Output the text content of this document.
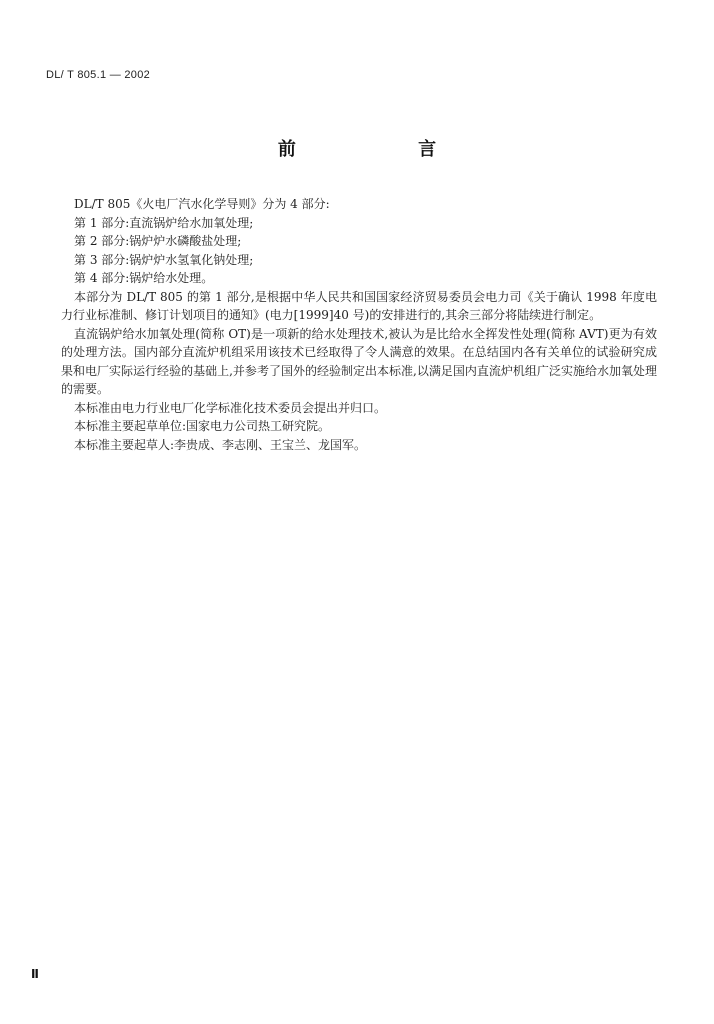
DL/ T 805.1 — 2002
前 言

DL/T 805《火电厂汽水化学导则》分为 4 部分:

第 1 部分:直流锅炉给水加氧处理;

第 2 部分:锅炉炉水磷酸盐处理;

第 3 部分:锅炉炉水氢氧化钠处理;

第 4 部分:锅炉给水处理。

本部分为 DL/T 805 的第 1 部分,是根据中华人民共和国国家经济贸易委员会电力司《关于确认 1998 年度电力行业标准制、修订计划项目的通知》(电力[1999]40 号)的安排进行的,其余三部分将陆续进行制定。

直流锅炉给水加氧处理(简称 OT)是一项新的给水处理技术,被认为是比给水全挥发性处理(简称 AVT)更为有效的处理方法。国内部分直流炉机组采用该技术已经取得了令人满意的效果。在总结国内各有关单位的试验研究成果和电厂实际运行经验的基础上,并参考了国外的经验制定出本标准,以满足国内直流炉机组广泛实施给水加氧处理的需要。

本标准由电力行业电厂化学标准化技术委员会提出并归口。

本标准主要起草单位:国家电力公司热工研究院。

本标准主要起草人:李贵成、李志刚、王宝兰、龙国军。

Ⅱ
